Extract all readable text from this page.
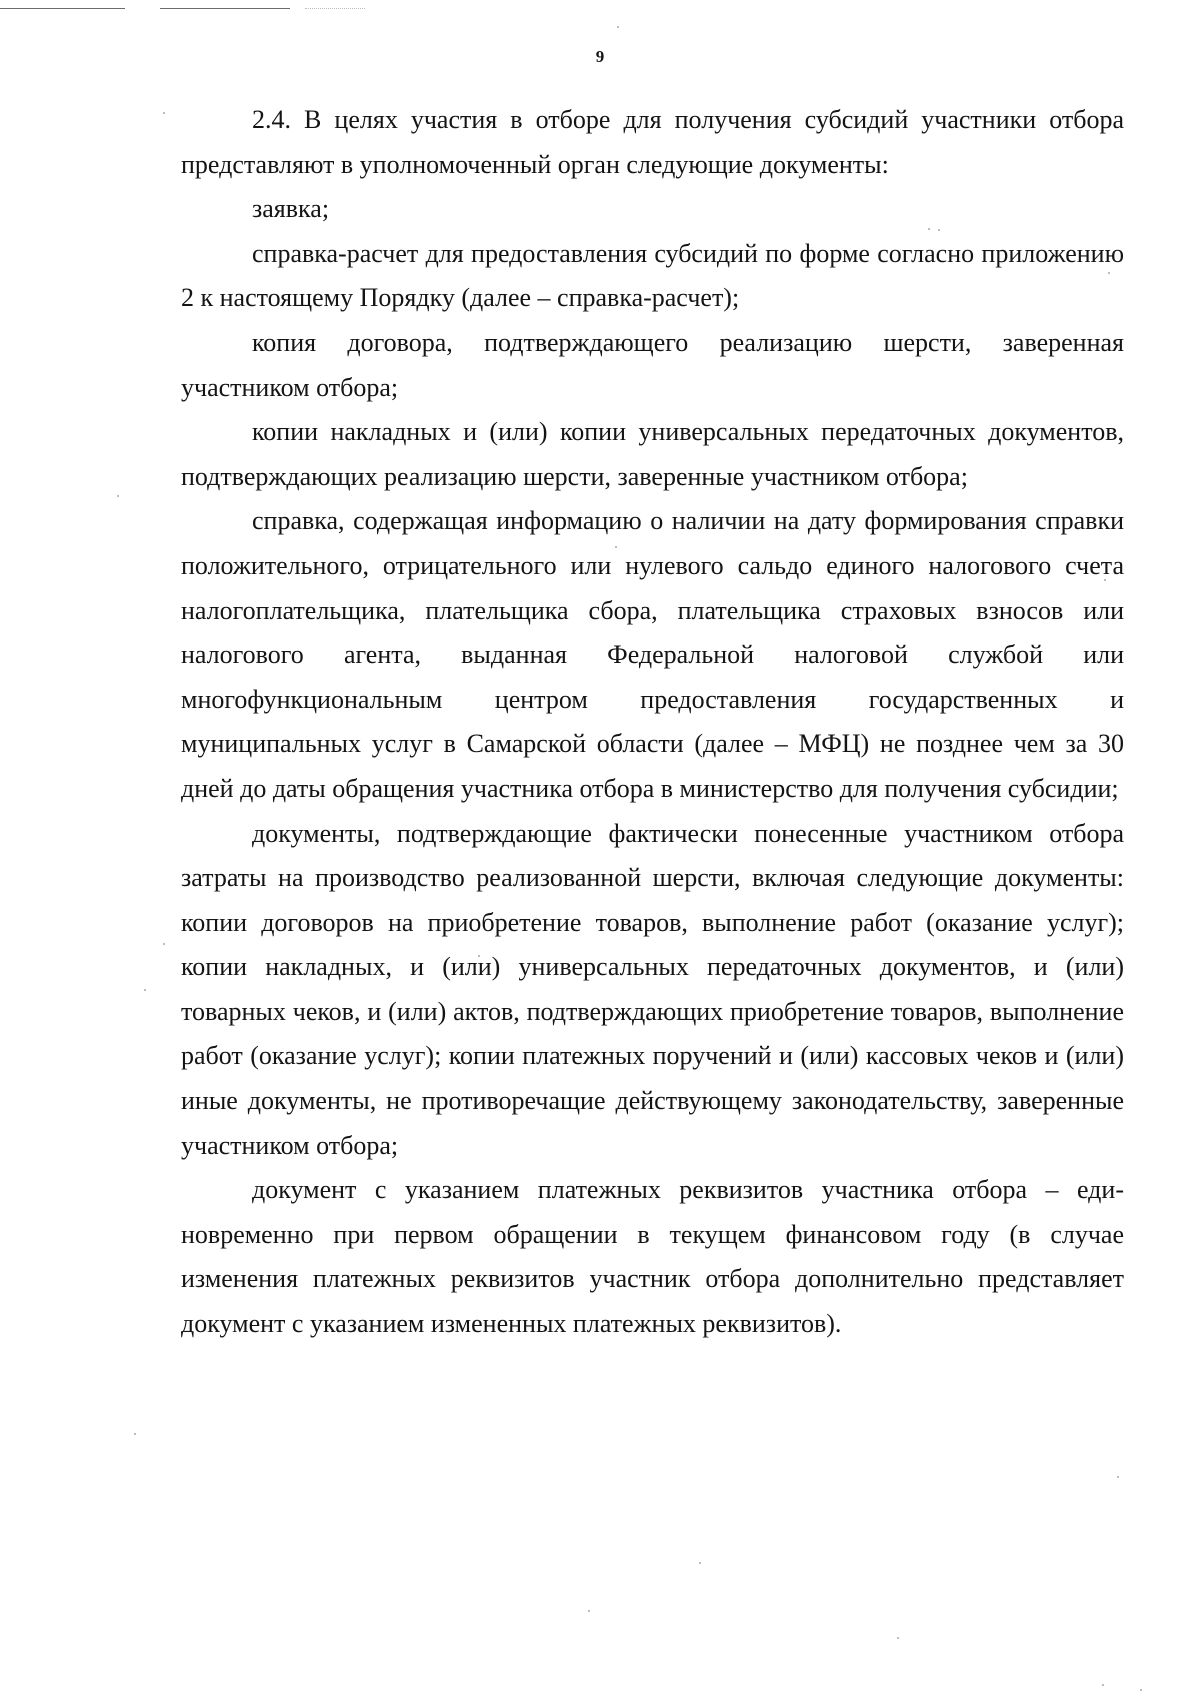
9

2.4. В целях участия в отборе для получения субсидий участники отбора представляют в уполномоченный орган следующие документы:

заявка;

справка-расчет для предоставления субсидий по форме согласно приложению 2 к настоящему Порядку (далее – справка-расчет);

копия договора, подтверждающего реализацию шерсти, заверенная участником отбора;

копии накладных и (или) копии универсальных передаточных документов, подтверждающих реализацию шерсти, заверенные участником отбора;

справка, содержащая информацию о наличии на дату формирования справки положительного, отрицательного или нулевого сальдо единого налогового счета налогоплательщика, плательщика сбора, плательщика страховых взносов или налогового агента, выданная Федеральной налоговой службой или многофункциональным центром предоставления государственных и муниципальных услуг в Самарской области (далее – МФЦ) не позднее чем за 30 дней до даты обращения участника отбора в министерство для получения субсидии;

документы, подтверждающие фактически понесенные участником отбора затраты на производство реализованной шерсти, включая следующие документы: копии договоров на приобретение товаров, выполнение работ (оказание услуг); копии накладных, и (или) универсальных передаточных документов, и (или) товарных чеков, и (или) актов, подтверждающих приобретение товаров, выполнение работ (оказание услуг); копии платежных поручений и (или) кассовых чеков и (или) иные документы, не противоречащие действующему законодательству, заверенные участником отбора;

документ с указанием платежных реквизитов участника отбора – единовременно при первом обращении в текущем финансовом году (в случае изменения платежных реквизитов участник отбора дополнительно представляет документ с указанием измененных платежных реквизитов).
